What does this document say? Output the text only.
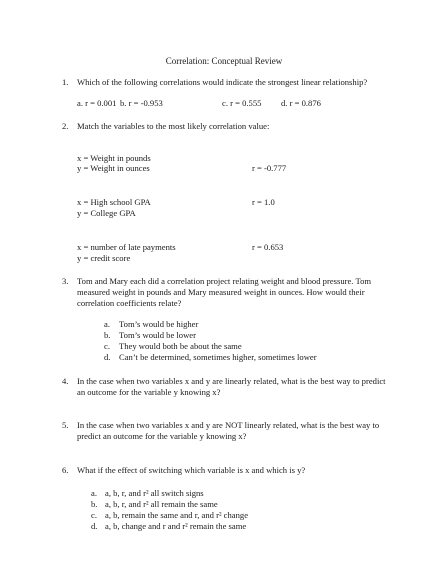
Correlation: Conceptual Review
1. Which of the following correlations would indicate the strongest linear relationship?
a. r = 0.001 b. r = -0.953	c. r = 0.555 d. r = 0.876
2. Match the variables to the most likely correlation value:
x = Weight in pounds
y = Weight in ounces	r = -0.777
x = High school GPA
y = College GPA
r = 1.0
x = number of late payments
y = credit score
r = 0.653
3. Tom and Mary each did a correlation project relating weight and blood pressure. Tom
measured weight in pounds and Mary measured weight in ounces. How would their
correlation coefficients relate?
a. Tom’s would be higher
b. Tom’s would be lower
c. They would both be about the same
d. Can’t be determined, sometimes higher, sometimes lower
4. In the case when two variables x and y are linearly related, what is the best way to predict
an outcome for the variable y knowing x?
5. In the case when two variables x and y are NOT linearly related, what is the best way to
predict an outcome for the variable y knowing x?
6. What if the effect of switching which variable is x and which is y?
a. a, b, r, and r² all switch signs
b. a, b, r, and r² all remain the same
c. a, b, remain the same and r, and r² change
d. a, b, change and r and r² remain the same
